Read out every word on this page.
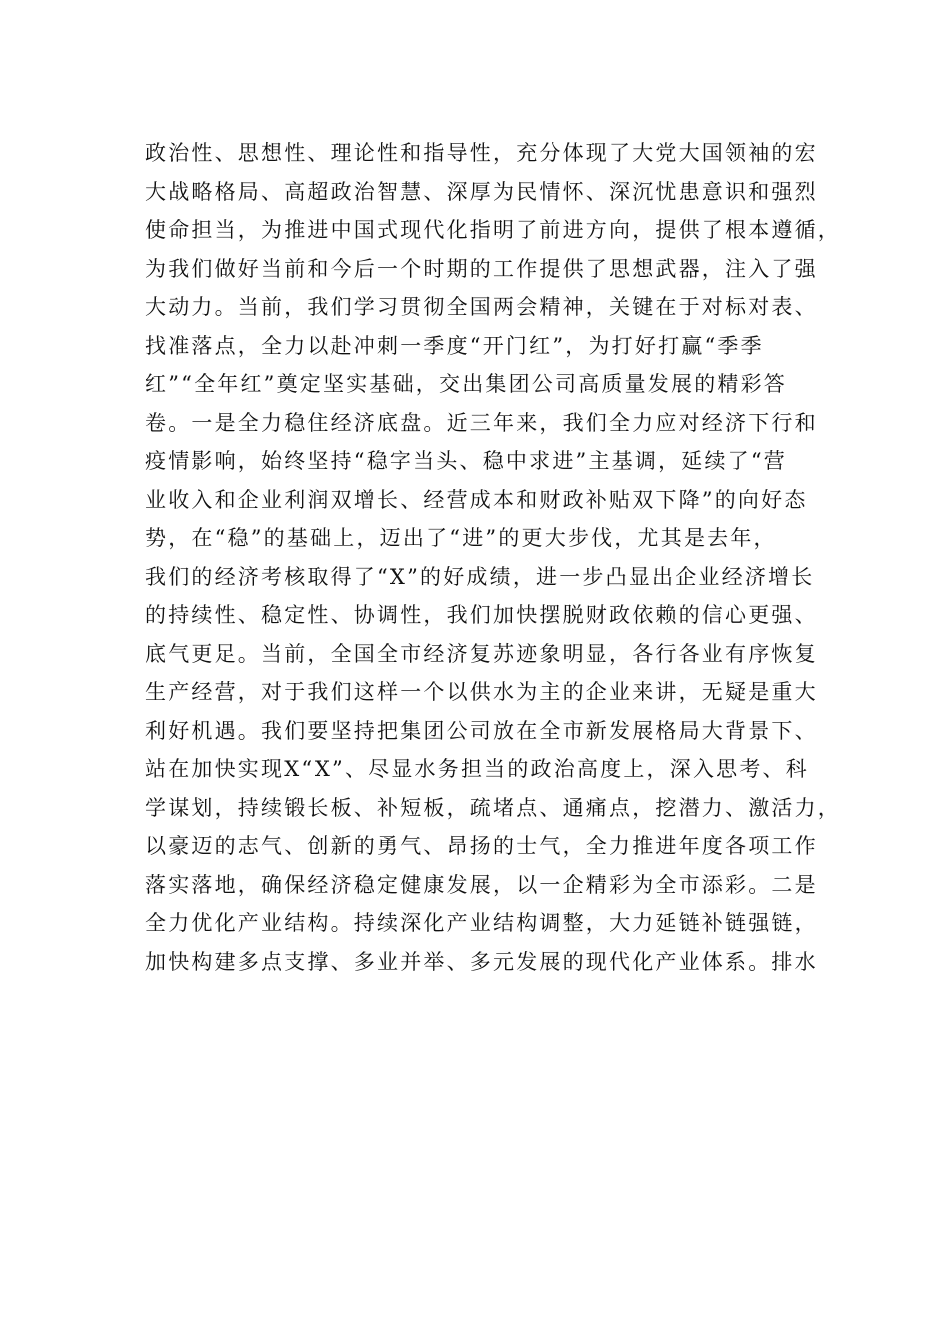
政治性、思想性、理论性和指导性，充分体现了大党大国领袖的宏
大战略格局、高超政治智慧、深厚为民情怀、深沉忧患意识和强烈
使命担当，为推进中国式现代化指明了前进方向，提供了根本遵循，
为我们做好当前和今后一个时期的工作提供了思想武器，注入了强
大动力。当前，我们学习贯彻全国两会精神，关键在于对标对表、
找准落点，全力以赴冲刺一季度“开门红”，为打好打赢“季季
红”“全年红”奠定坚实基础，交出集团公司高质量发展的精彩答
卷。一是全力稳住经济底盘。近三年来，我们全力应对经济下行和
疫情影响，始终坚持“稳字当头、稳中求进”主基调，延续了“营
业收入和企业利润双增长、经营成本和财政补贴双下降”的向好态
势，在“稳”的基础上，迈出了“进”的更大步伐，尤其是去年，
我们的经济考核取得了“X”的好成绩，进一步凸显出企业经济增长
的持续性、稳定性、协调性，我们加快摆脱财政依赖的信心更强、
底气更足。当前，全国全市经济复苏迹象明显，各行各业有序恢复
生产经营，对于我们这样一个以供水为主的企业来讲，无疑是重大
利好机遇。我们要坚持把集团公司放在全市新发展格局大背景下、
站在加快实现X“X”、尽显水务担当的政治高度上，深入思考、科
学谋划，持续锻长板、补短板，疏堵点、通痛点，挖潜力、激活力，
以豪迈的志气、创新的勇气、昂扬的士气，全力推进年度各项工作
落实落地，确保经济稳定健康发展，以一企精彩为全市添彩。二是
全力优化产业结构。持续深化产业结构调整，大力延链补链强链，
加快构建多点支撑、多业并举、多元发展的现代化产业体系。排水
